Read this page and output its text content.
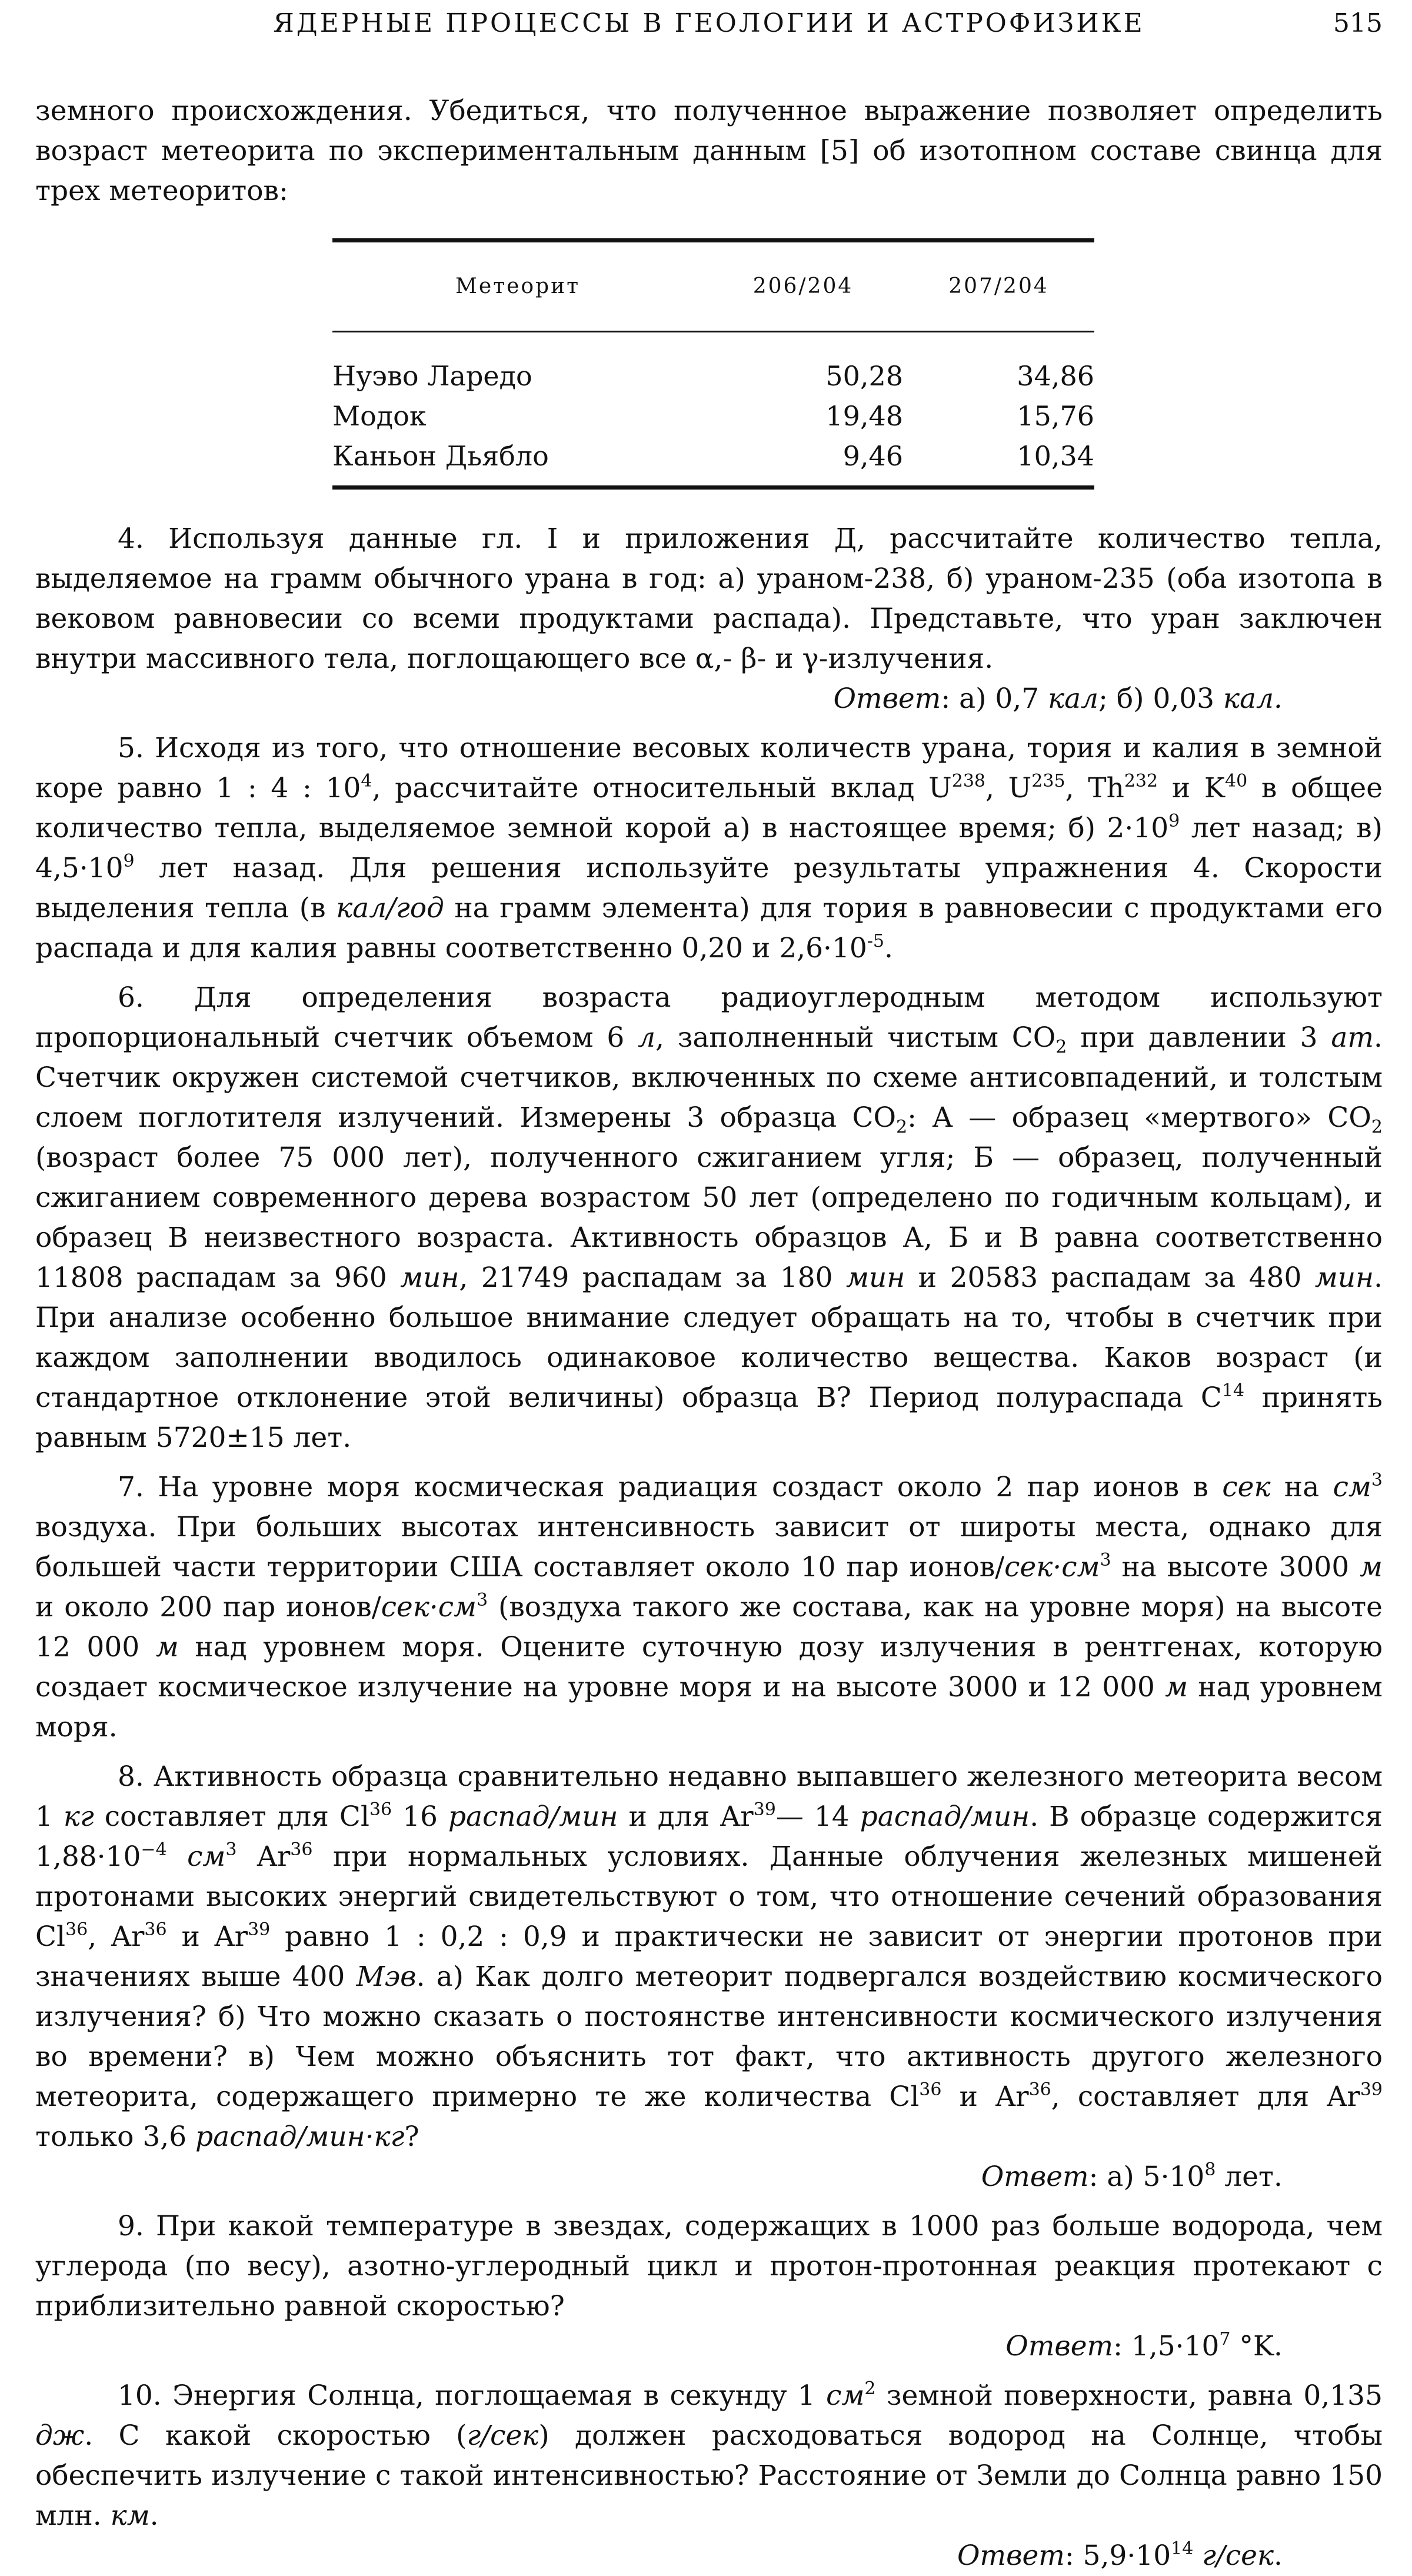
ЯДЕРНЫЕ ПРОЦЕССЫ В ГЕОЛОГИИ И АСТРОФИЗИКЕ	515

земного происхождения. Убедиться, что полученное выражение позволяет определить возраст метеорита по экспериментальным данным [5] об изотопном составе свинца для трех метеоритов:

Метеорит	206/204	207/204
Нуэво Ларедо	50,28	34,86
Модок	19,48	15,76
Каньон Дьябло	9,46	10,34

4. Используя данные гл. I и приложения Д, рассчитайте количество тепла, выделяемое на грамм обычного урана в год: а) ураном-238, б) ураном-235 (оба изотопа в вековом равновесии со всеми продуктами распада). Представьте, что уран заключен внутри массивного тела, поглощающего все α,- β- и γ-излучения.

Ответ: а) 0,7 кал; б) 0,03 кал.

5. Исходя из того, что отношение весовых количеств урана, тория и калия в земной коре равно 1 : 4 : $10^4$, рассчитайте относительный вклад $U^{238}$, $U^{235}$, Th$^{232}$ и $K^{40}$ в общее количество тепла, выделяемое земной корой а) в настоящее время; б) $2\cdot 10^9$ лет назад; в) $4,5\cdot 10^9$ лет назад. Для решения используйте результаты упражнения 4. Скорости выделения тепла (в кал/год на грамм элемента) для тория в равновесии с продуктами его распада и для калия равны соответственно 0,20 и $2,6\cdot 10^{-5}$.

6. Для определения возраста радиоуглеродным методом используют пропорциональный счетчик объемом 6 л, заполненный чистым $CO_2$ при давлении 3 ат. Счетчик окружен системой счетчиков, включенных по схеме антисовпадений, и толстым слоем поглотителя излучений. Измерены 3 образца $CO_2$: А — образец «мертвого» $CO_2$ (возраст более 75 000 лет), полученного сжиганием угля; Б — образец, полученный сжиганием современного дерева возрастом 50 лет (определено по годичным кольцам), и образец В неизвестного возраста. Активность образцов А, Б и В равна соответственно 11808 распадам за 960 мин, 21749 распадам за 180 мин и 20583 распадам за 480 мин. При анализе особенно большое внимание следует обращать на то, чтобы в счетчик при каждом заполнении вводилось одинаковое количество вещества. Каков возраст (и стандартное отклонение этой величины) образца В? Период полураспада $C^{14}$ принять равным 5720±15 лет.

7. На уровне моря космическая радиация создаст около 2 пар ионов в сек на $см^3$ воздуха. При больших высотах интенсивность зависит от широты места, однако для большей части территории США составляет около 10 пар ионов/$сек\cdot см^3$ на высоте 3000 м и около 200 пар ионов/$сек\cdot см^3$ (воздуха такого же состава, как на уровне моря) на высоте 12 000 м над уровнем моря. Оцените суточную дозу излучения в рентгенах, которую создает космическое излучение на уровне моря и на высоте 3000 и 12 000 м над уровнем моря.

8. Активность образца сравнительно недавно выпавшего железного метеорита весом 1 кг составляет для Cl$^{36}$ 16 распад/мин и для Ar$^{39}$— 14 распад/мин. В образце содержится $1,88\cdot 10^{-4}$ $см^3$ Ar$^{36}$ при нормальных условиях. Данные облучения железных мишеней протонами высоких энергий свидетельствуют о том, что отношение сечений образования Cl$^{36}$, Ar$^{36}$ и Ar$^{39}$ равно 1 : 0,2 : 0,9 и практически не зависит от энергии протонов при значениях выше 400 Мэв. а) Как долго метеорит подвергался воздействию космического излучения? б) Что можно сказать о постоянстве интенсивности космического излучения во времени? в) Чем можно объяснить тот факт, что активность другого железного метеорита, содержащего примерно те же количества Cl$^{36}$ и Ar$^{36}$, составляет для Ar$^{39}$ только 3,6 распад/мин·кг?

Ответ: а) $5\cdot 10^8$ лет.

9. При какой температуре в звездах, содержащих в 1000 раз больше водорода, чем углерода (по весу), азотно-углеродный цикл и протон-протонная реакция протекают с приблизительно равной скоростью?

Ответ: $1,5\cdot 10^7$ °K.

10. Энергия Солнца, поглощаемая в секунду 1 $см^2$ земной поверхности, равна 0,135 дж. С какой скоростью (г/сек) должен расходоваться водород на Солнце, чтобы обеспечить излучение с такой интенсивностью? Расстояние от Земли до Солнца равно 150 млн. км.

Ответ: $5,9\cdot 10^{14}$ г/сек.
